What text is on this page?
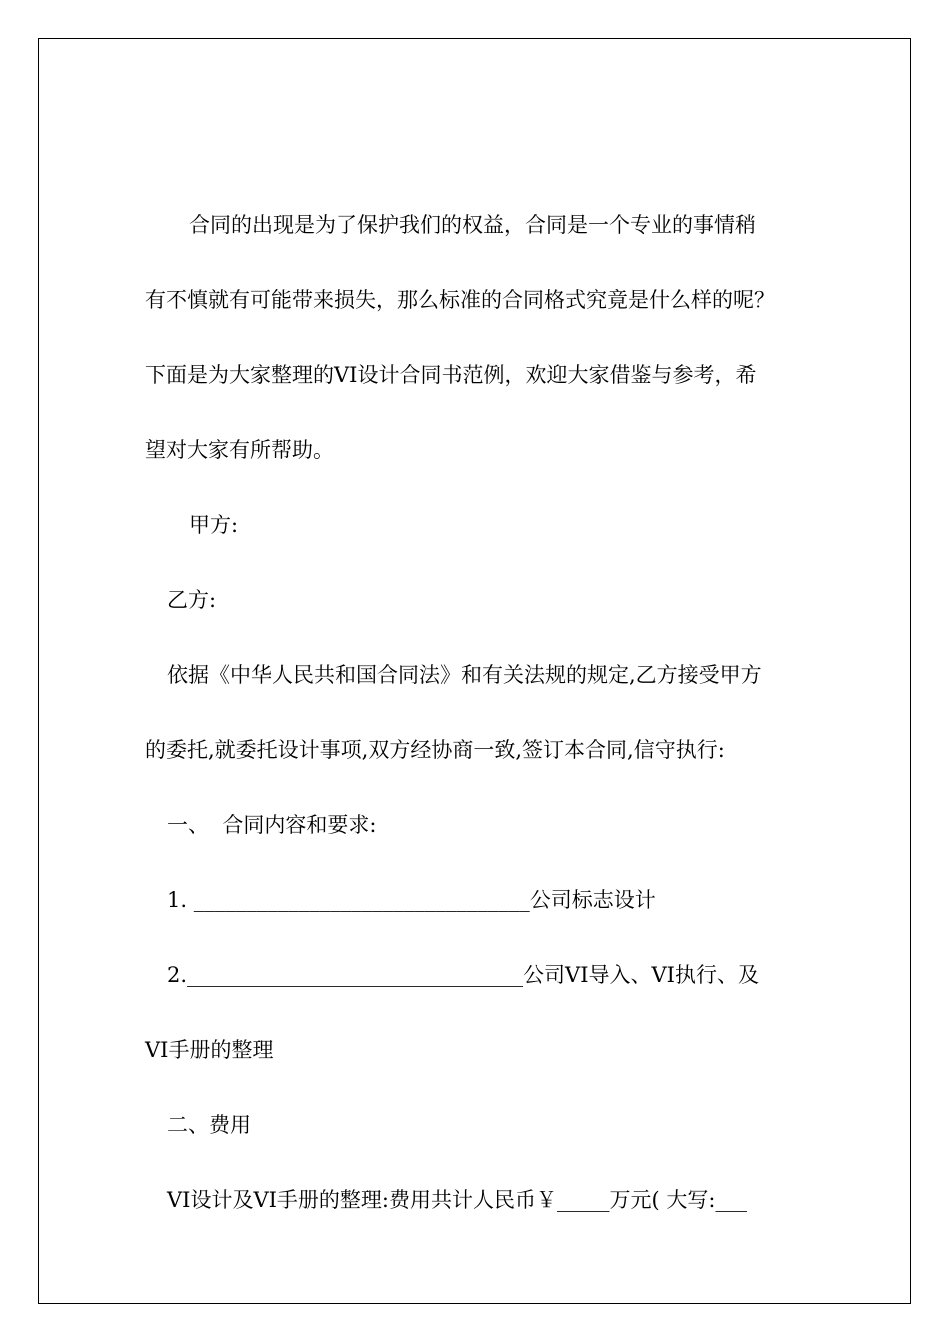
合同的出现是为了保护我们的权益，合同是一个专业的事情稍
有不慎就有可能带来损失，那么标准的合同格式究竟是什么样的呢？
下面是为大家整理的VI设计合同书范例，欢迎大家借鉴与参考，希
望对大家有所帮助。
甲方:
乙方:
依据《中华人民共和国合同法》和有关法规的规定,乙方接受甲方
的委托,就委托设计事项,双方经协商一致,签订本合同,信守执行:
一、  合同内容和要求:
1. ________________________________公司标志设计
2.________________________________公司VI导入、VI执行、及
VI手册的整理
二、费用
VI设计及VI手册的整理:费用共计人民币￥_____万元( 大写:___
